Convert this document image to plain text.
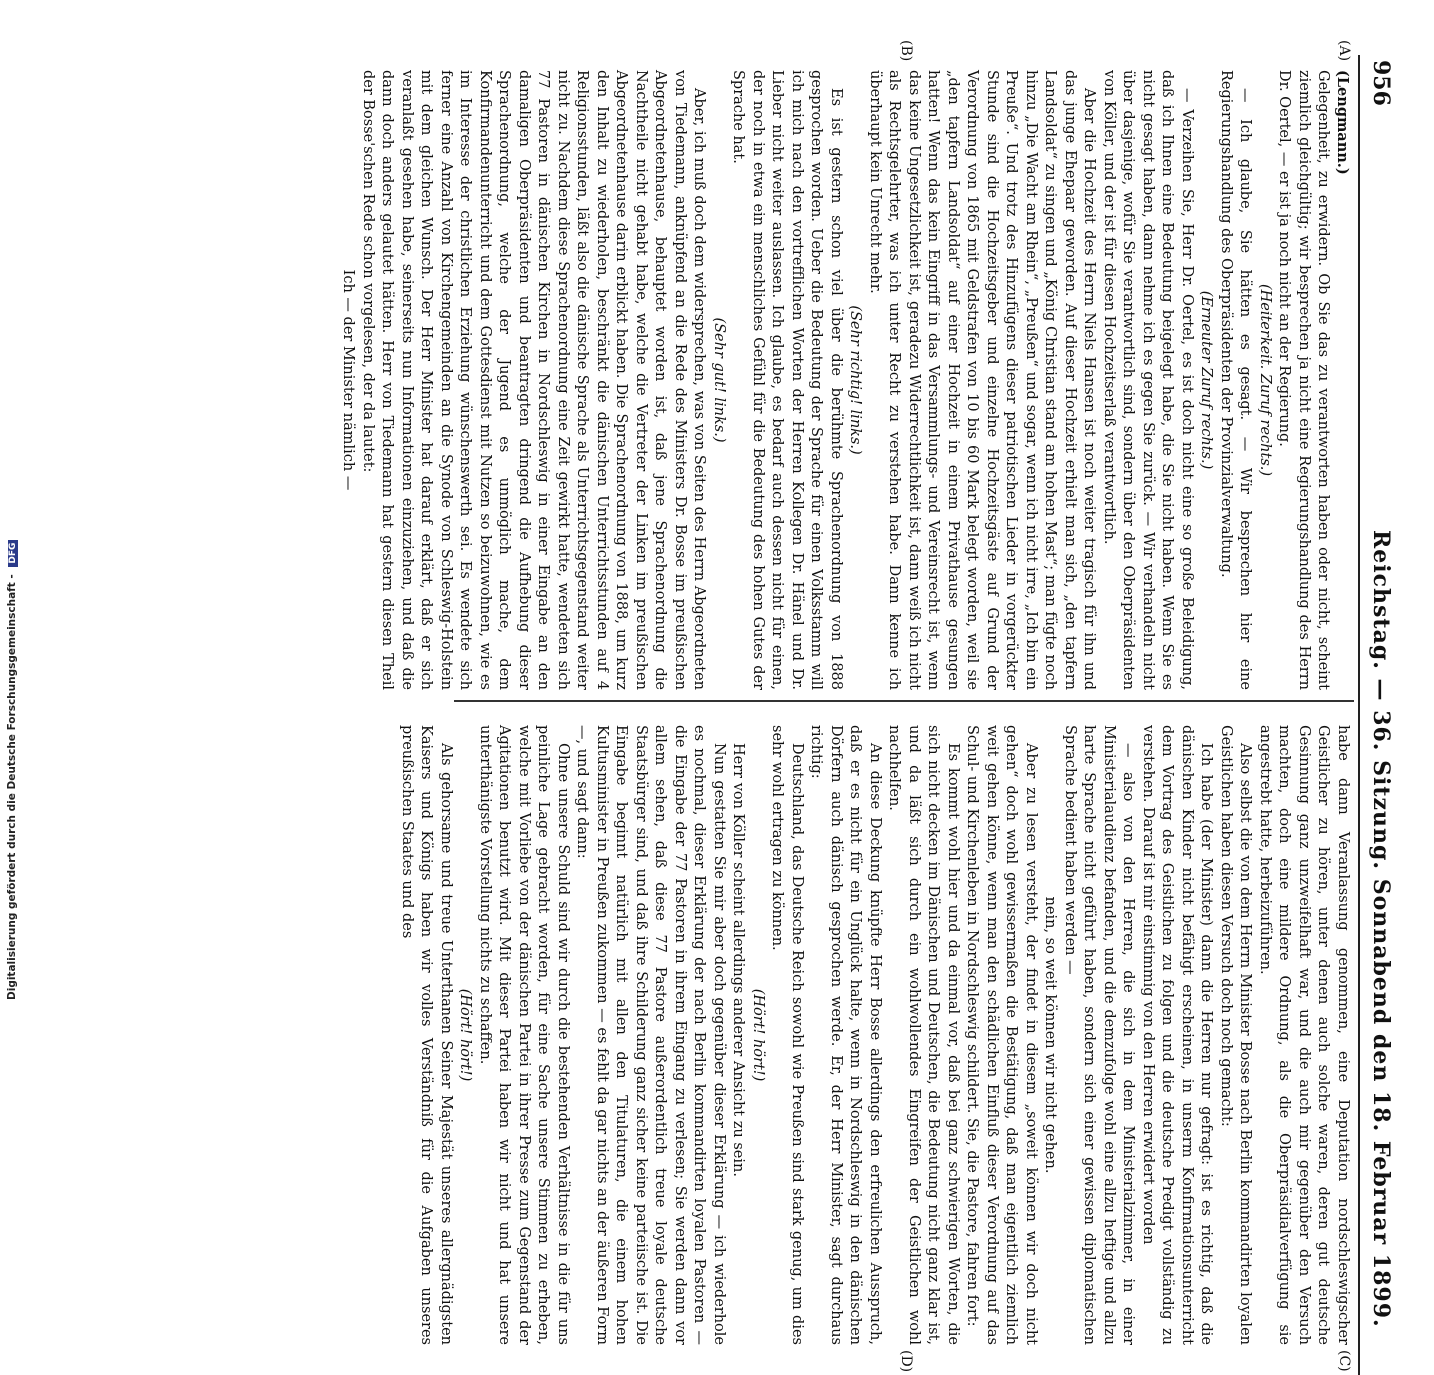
956
Reichstag. — 36. Sitzung. Sonnabend den 18. Februar 1899.
(A)
(B)
(C)
(D)

(Lengmann.)

Gelegenheit, zu erwidern. Ob Sie das zu verantworten haben oder nicht, scheint ziemlich gleichgültig; wir besprechen ja nicht eine Regierungshandlung des Herrn Dr. Oertel, — er ist ja noch nicht an der Regierung.

(Heiterkeit. Zuruf rechts.)

— Ich glaube, Sie hätten es gesagt. — Wir besprechen hier eine Regierungshandlung des Oberpräsidenten der Provinzialverwaltung.

(Erneuter Zuruf rechts.)

— Verzeihen Sie, Herr Dr. Oertel, es ist doch nicht eine so große Beleidigung, daß ich Ihnen eine Bedeutung beigelegt habe, die Sie nicht haben. Wenn Sie es nicht gesagt haben, dann nehme ich es gegen Sie zurück. — Wir verhandeln nicht über dasjenige, wofür Sie verantwortlich sind, sondern über den Oberpräsidenten von Köller, und der ist für diesen Hochzeitserlaß verantwortlich.

Aber die Hochzeit des Herrn Niels Hansen ist noch weiter tragisch für ihn und das junge Ehepaar geworden. Auf dieser Hochzeit erhielt man sich, „den tapfern Landsoldat“ zu singen und „König Christian stand am hohen Mast“; man fügte noch hinzu „Die Wacht am Rhein“, „Preußen“ und sogar, wenn ich nicht irre, „Ich bin ein Preuße“. Und trotz des Hinzufügens dieser patriotischen Lieder in vorgerückter Stunde sind die Hochzeitsgeber und einzelne Hochzeitsgäste auf Grund der Verordnung von 1865 mit Geldstrafen von 10 bis 60 Mark belegt worden, weil sie „den tapfern Landsoldat“ auf einer Hochzeit in einem Privathause gesungen hatten! Wenn das kein Eingriff in das Versammlungs- und Vereinsrecht ist, wenn das keine Ungesetzlichkeit ist, geradezu Widerrechtlichkeit ist, dann weiß ich nicht als Rechtsgelehrter, was ich unter Recht zu verstehen habe. Dann kenne ich überhaupt kein Unrecht mehr.

(Sehr richtig! links.)

Es ist gestern schon viel über die berühmte Sprachenordnung von 1888 gesprochen worden. Ueber die Bedeutung der Sprache für einen Volksstamm will ich mich nach den vortrefflichen Worten der Herren Kollegen Dr. Hänel und Dr. Lieber nicht weiter auslassen. Ich glaube, es bedarf auch dessen nicht für einen, der noch in etwa ein menschliches Gefühl für die Bedeutung des hohen Gutes der Sprache hat.

(Sehr gut! links.)

Aber, ich muß doch dem widersprechen, was von Seiten des Herrn Abgeordneten von Tiedemann, anknüpfend an die Rede des Ministers Dr. Bosse im preußischen Abgeordnetenhause, behauptet worden ist, daß jene Sprachenordnung die Nachtheile nicht gehabt habe, welche die Vertreter der Linken im preußischen Abgeordnetenhause darin erblickt haben. Die Sprachenordnung von 1888, um kurz den Inhalt zu wiederholen, beschränkt die dänischen Unterrichtsstunden auf 4 Religionsstunden, läßt also die dänische Sprache als Unterrichtsgegenstand weiter nicht zu. Nachdem diese Sprachenordnung eine Zeit gewirkt hatte, wendeten sich 77 Pastoren in dänischen Kirchen in Nordschleswig in einer Eingabe an den damaligen Oberpräsidenten und beantragten dringend die Aufhebung dieser Sprachenordnung, welche der Jugend es unmöglich mache, dem Konfirmandenunterricht und dem Gottesdienst mit Nutzen so beizuwohnen, wie es im Interesse der christlichen Erziehung wünschenswerth sei. Es wendete sich ferner eine Anzahl von Kirchengemeinden an die Synode von Schleswig-Holstein mit dem gleichen Wunsch. Der Herr Minister hat darauf erklärt, daß er sich veranlaßt gesehen habe, seinerseits nun Informationen einzuziehen, und daß die dann doch anders gelautet hätten. Herr von Tiedemann hat gestern diesen Theil der Bosse'schen Rede schon vorgelesen, der da lautet:

Ich — der Minister nämlich —

habe dann Veranlassung genommen, eine Deputation nordschleswigscher Geistlicher zu hören, unter denen auch solche waren, deren gut deutsche Gesinnung ganz unzweifelhaft war, und die auch mir gegenüber den Versuch machten, doch eine mildere Ordnung, als die Oberpräsidialverfügung sie angestrebt hatte, herbeizuführen.

Also selbst die von dem Herrn Minister Bosse nach Berlin kommandirten loyalen Geistlichen haben diesen Versuch doch noch gemacht:

Ich habe (der Minister) dann die Herren nur gefragt: ist es richtig, daß die dänischen Kinder nicht befähigt erscheinen, in unserm Konfirmationsunterricht dem Vortrag des Geistlichen zu folgen und die deutsche Predigt vollständig zu verstehen. Darauf ist mir einstimmig von den Herren erwidert worden

— also von den Herren, die sich in dem Ministerialzimmer, in einer Ministerialaudienz befanden, und die demzufolge wohl eine allzu heftige und allzu harte Sprache nicht geführt haben, sondern sich einer gewissen diplomatischen Sprache bedient haben werden —

nein, so weit können wir nicht gehen.

Aber zu lesen versteht, der findet in diesem „soweit können wir doch nicht gehen“ doch wohl gewissermaßen die Bestätigung, daß man eigentlich ziemlich weit gehen könne, wenn man den schädlichen Einfluß dieser Verordnung auf das Schul- und Kirchenleben in Nordschleswig schildert. Sie, die Pastore, fahren fort:

Es kommt wohl hier und da einmal vor, daß bei ganz schwierigen Worten, die sich nicht decken im Dänischen und Deutschen, die Bedeutung nicht ganz klar ist, und da läßt sich durch ein wohlwollendes Eingreifen der Geistlichen wohl nachhelfen.

An diese Deckung knüpfte Herr Bosse allerdings den erfreulichen Ausspruch, daß er es nicht für ein Unglück halte, wenn in Nordschleswig in den dänischen Dörfern auch dänisch gesprochen werde. Er, der Herr Minister, sagt durchaus richtig:

Deutschland, das Deutsche Reich sowohl wie Preußen sind stark genug, um dies sehr wohl ertragen zu können.

(Hört! hört!)

Herr von Köller scheint allerdings anderer Ansicht zu sein.

Nun gestatten Sie mir aber doch gegenüber dieser Erklärung — ich wiederhole es nochmal, dieser Erklärung der nach Berlin kommandirten loyalen Pastoren — die Eingabe der 77 Pastoren in ihrem Eingang zu verlesen; Sie werden dann vor allem sehen, daß diese 77 Pastore außerordentlich treue loyale deutsche Staatsbürger sind, und daß ihre Schilderung ganz sicher keine parteiische ist. Die Eingabe beginnt natürlich mit allen den Titulaturen, die einem hohen Kultusminister in Preußen zukommen — es fehlt da gar nichts an der äußeren Form —, und sagt dann:

Ohne unsere Schuld sind wir durch die bestehenden Verhältnisse in die für uns peinliche Lage gebracht worden, für eine Sache unsere Stimmen zu erheben, welche mit Vorliebe von der dänischen Partei in ihrer Presse zum Gegenstand der Agitationen benutzt wird. Mit dieser Partei haben wir nicht und hat unsere unterthänigste Vorstellung nichts zu schaffen.

(Hört! hört!)

Als gehorsame und treue Unterthanen Seiner Majestät unseres allergnädigsten Kaisers und Königs haben wir volles Verständniß für die Aufgaben unseres preußischen Staates und des

Digitalisierung gefördert durch die Deutsche Forschungsgemeinschaft - DFG
